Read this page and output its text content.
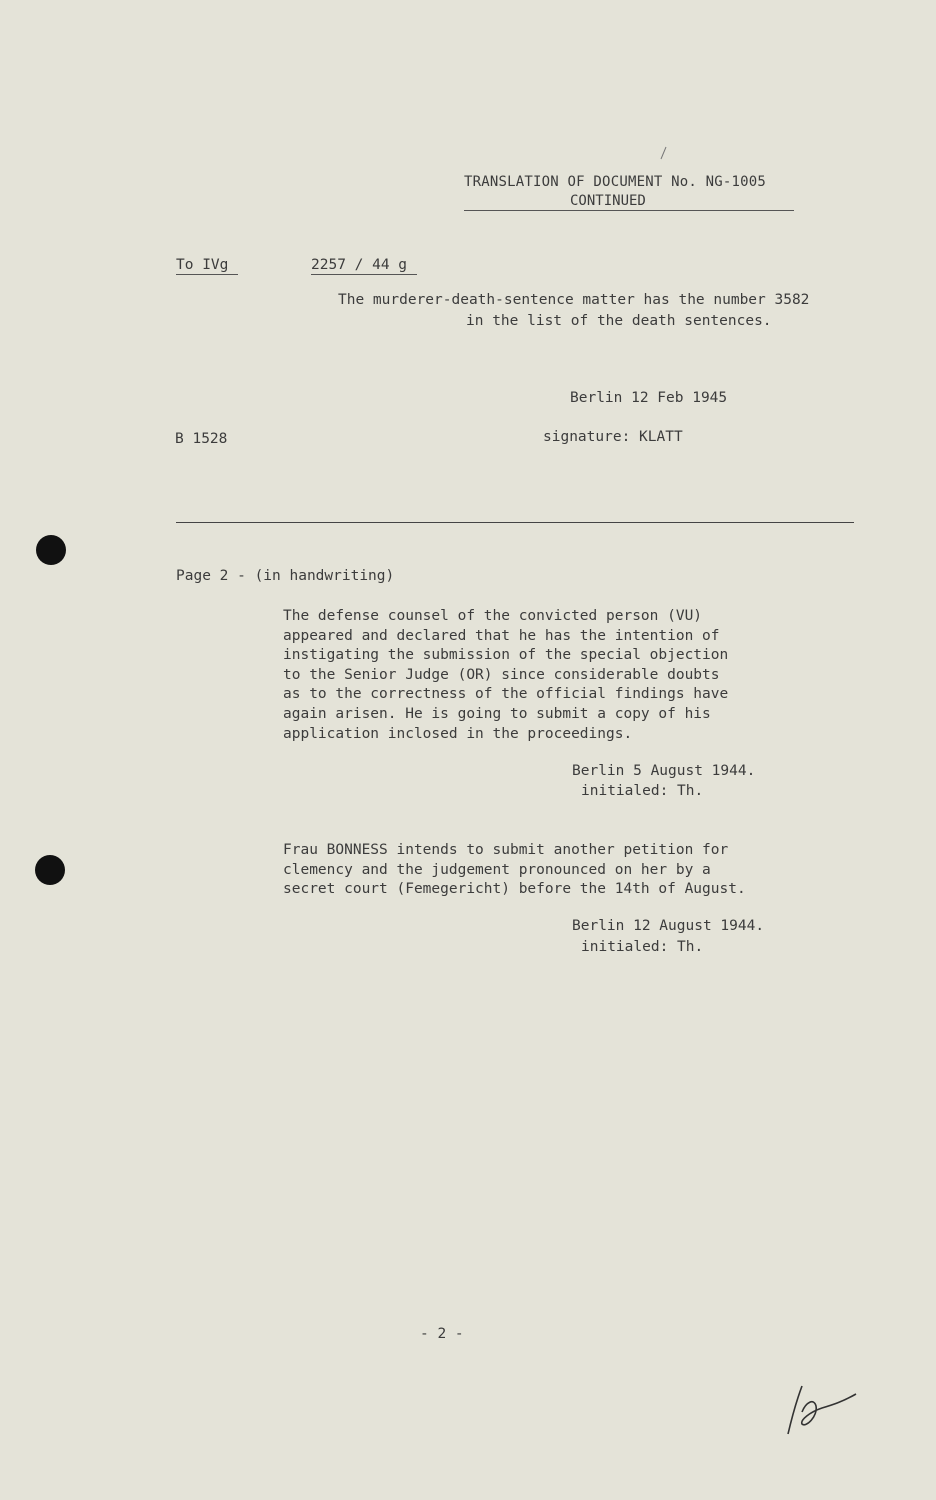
TRANSLATION OF DOCUMENT No. NG-1005
CONTINUED
To IVg	2257 / 44 g
The murderer-death-sentence matter has the number 3582
in the list of the death sentences.
Berlin 12 Feb 1945
B 1528	signature: KLATT
Page 2 - (in handwriting)
The defense counsel of the convicted person (VU)
appeared and declared that he has the intention of
instigating the submission of the special objection
to the Senior Judge (OR) since considerable doubts
as to the correctness of the official findings have
again arisen. He is going to submit a copy of his
application inclosed in the proceedings.
Berlin 5 August 1944.
initialed: Th.
Frau BONNESS intends to submit another petition for
clemency and the judgement pronounced on her by a
secret court (Femegericht) before the 14th of August.
Berlin 12 August 1944.
initialed: Th.
- 2 -
